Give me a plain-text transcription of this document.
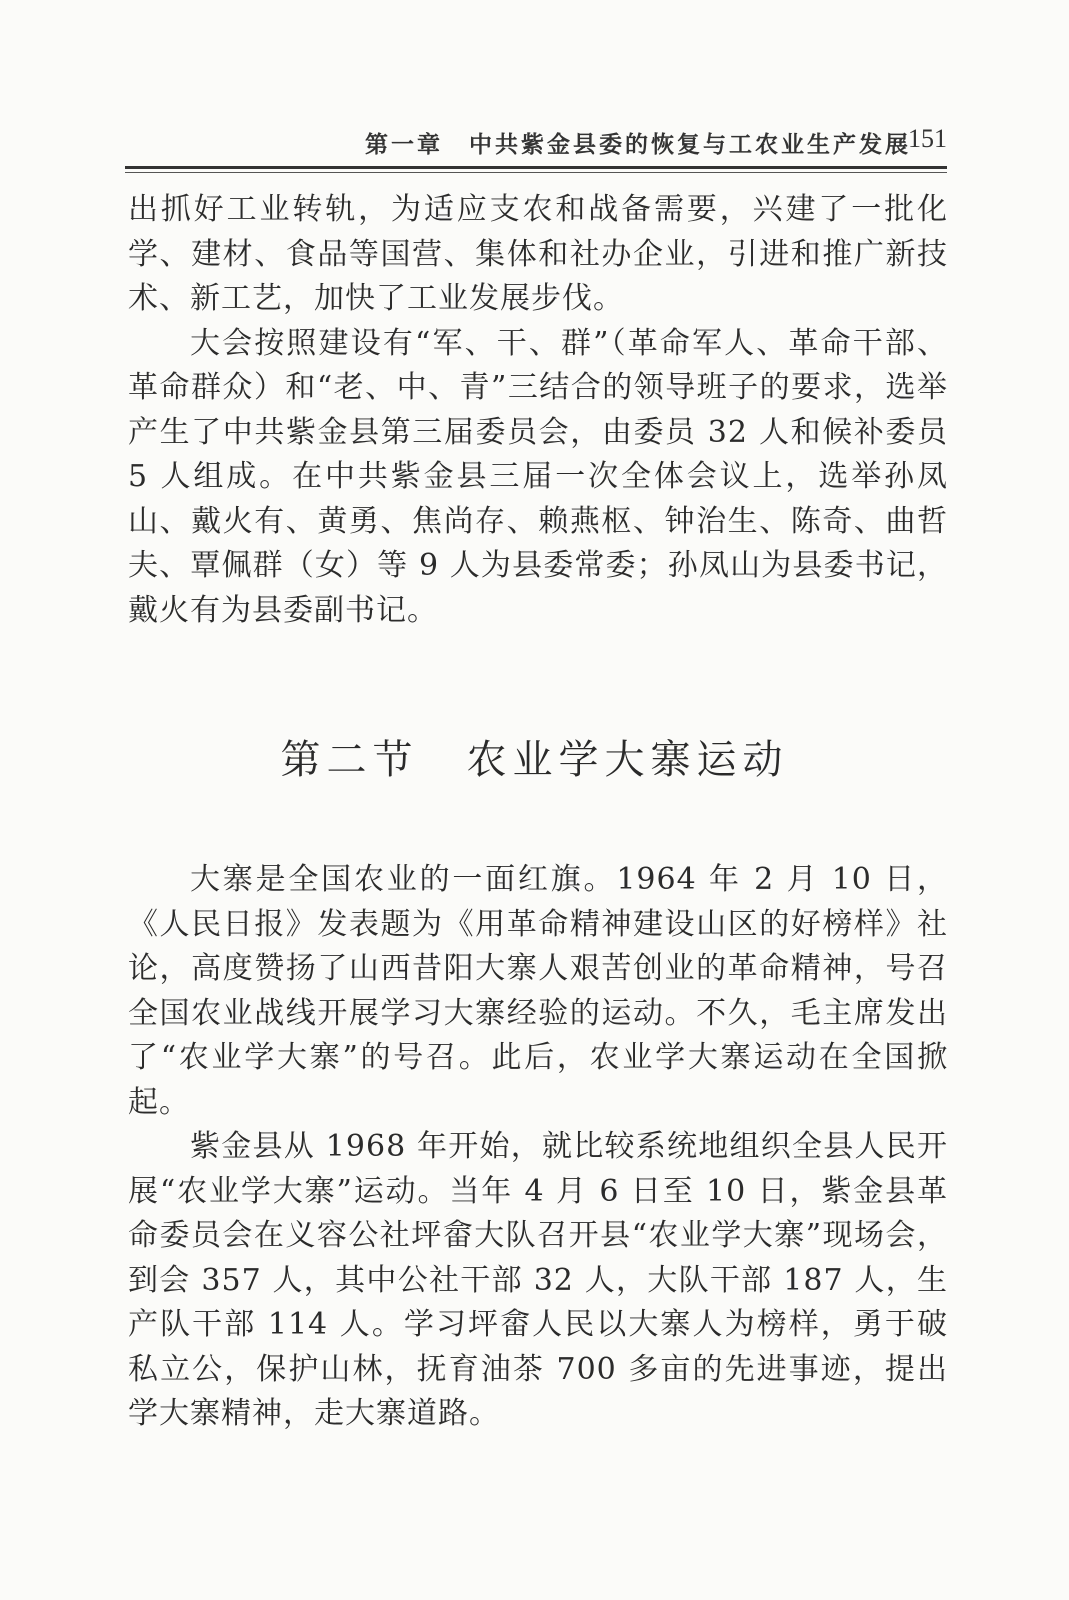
第一章 中共紫金县委的恢复与工农业生产发展
151

出抓好工业转轨，为适应支农和战备需要，兴建了一批化学、建材、食品等国营、集体和社办企业，引进和推广新技术、新工艺，加快了工业发展步伐。

大会按照建设有“军、干、群”（革命军人、革命干部、革命群众）和“老、中、青”三结合的领导班子的要求，选举产生了中共紫金县第三届委员会，由委员 32 人和候补委员 5 人组成。在中共紫金县三届一次全体会议上，选举孙凤山、戴火有、黄勇、焦尚存、赖燕枢、钟治生、陈奇、曲哲夫、覃佩群（女）等 9 人为县委常委；孙凤山为县委书记，戴火有为县委副书记。

第二节 农业学大寨运动

大寨是全国农业的一面红旗。1964 年 2 月 10 日，《人民日报》发表题为《用革命精神建设山区的好榜样》社论，高度赞扬了山西昔阳大寨人艰苦创业的革命精神，号召全国农业战线开展学习大寨经验的运动。不久，毛主席发出了“农业学大寨”的号召。此后，农业学大寨运动在全国掀起。

紫金县从 1968 年开始，就比较系统地组织全县人民开展“农业学大寨”运动。当年 4 月 6 日至 10 日，紫金县革命委员会在义容公社坪畲大队召开县“农业学大寨”现场会，到会 357 人，其中公社干部 32 人，大队干部 187 人，生产队干部 114 人。学习坪畲人民以大寨人为榜样，勇于破私立公，保护山林，抚育油茶 700 多亩的先进事迹，提出学大寨精神，走大寨道路。
